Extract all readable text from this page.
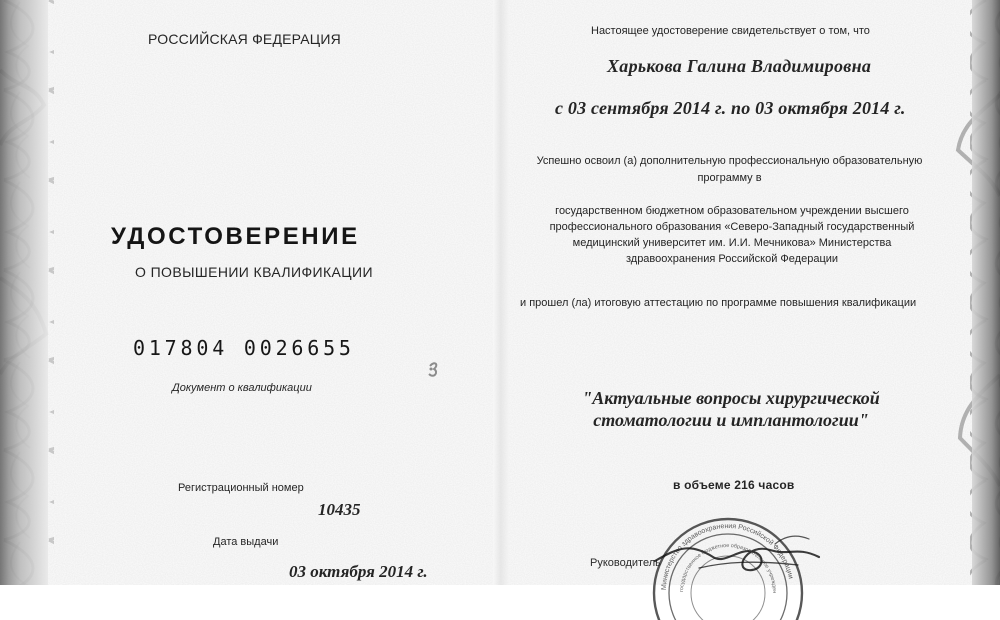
РОССИЙСКАЯ ФЕДЕРАЦИЯ
УДОСТОВЕРЕНИЕ
О ПОВЫШЕНИИ КВАЛИФИКАЦИИ
017804 0026655
Документ о квалификации
Регистрационный номер
10435
Дата выдачи
03 октября 2014 г.
Настоящее удостоверение свидетельствует о том, что
Харькова Галина Владимировна
с 03 сентября 2014 г. по 03 октября 2014 г.
Успешно освоил (а) дополнительную профессиональную образовательную программу в
государственном бюджетном образовательном учреждении высшего профессионального образования «Северо-Западный государственный медицинский университет им. И.И. Мечникова» Министерства здравоохранения Российской Федерации
и прошел (ла) итоговую аттестацию по программе повышения квалификации
"Актуальные вопросы хирургической стоматологии и имплантологии"
в объеме 216 часов
Руководитель
Министерство здравоохранения Российской Федерации
государственное бюджетное образовательное учрежден
